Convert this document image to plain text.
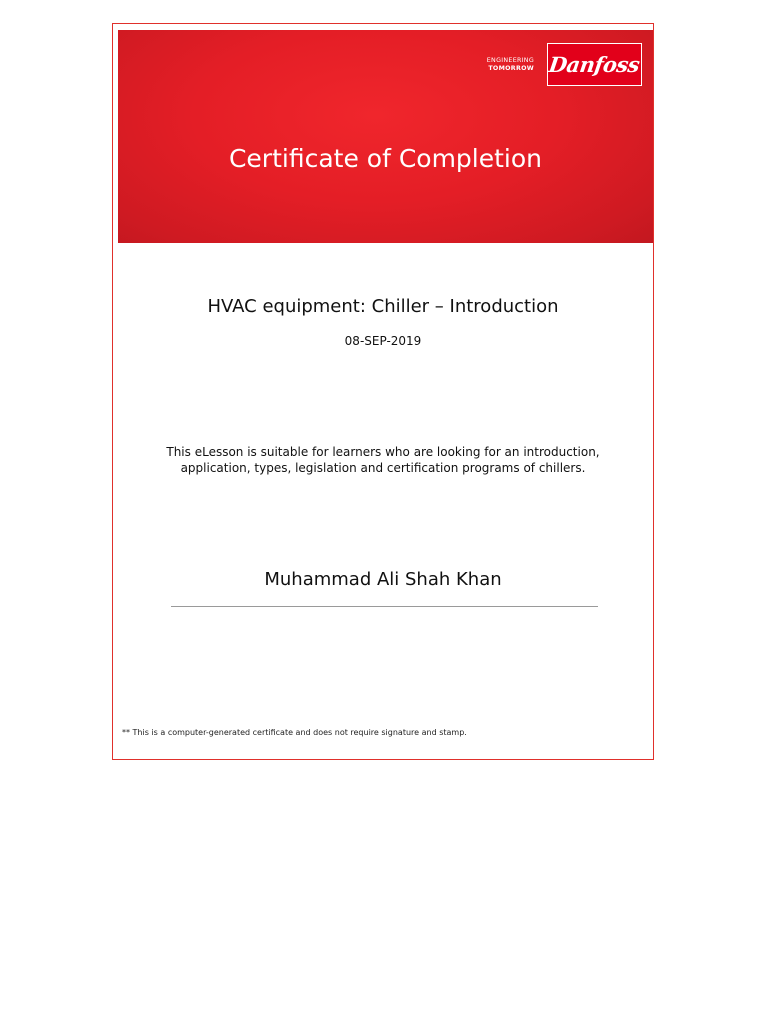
ENGINEERING
TOMORROW Danfoss
Certificate of Completion
HVAC equipment: Chiller – Introduction
08-SEP-2019
This eLesson is suitable for learners who are looking for an introduction, application, types, legislation and certification programs of chillers.
Muhammad Ali Shah Khan
** This is a computer-generated certificate and does not require signature and stamp.
